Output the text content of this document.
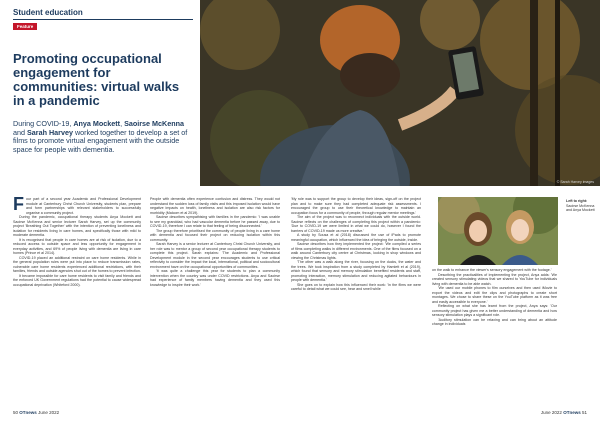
Student education
Feature
Promoting occupational engagement for communities: virtual walks in a pandemic

During COVID-19, Anya Mockett, Saoirse McKenna and Sarah Harvey worked together to develop a set of films to promote virtual engagement with the outside space for people with dementia.

© Sarah Harvey images
F our part of a second year Academic and Professional Development module at Canterbury Christ Church University, students plan, prepare and form partnerships with relevant stakeholders to successfully organise a community project.

During the pandemic, occupational therapy students Anya Mockett and Saoirse McKenna and senior lecturer Sarah Harvey, set up the community project 'Breathing Out Together' with the intention of preventing loneliness and isolation for residents living in care homes, and specifically those with mild to moderate dementia.

It is recognised that people in care homes are at risk of isolation, due to a reduced access to outside space and less opportunity for engagement in everyday activities, and 69% of people living with dementia are living in care homes (Prince et al 2014).

COVID-19 placed an additional restraint on care home residents. While in the general population rules were put into place to reduce transmission rates, vulnerable care home residents experienced additional restrictions, with their families, friends and outside agencies shut out of the homes to prevent infection.

It became impossible for care home residents to visit family and friends and the enforced UK Government regulations had the potential to cause widespread occupational deprivation (Whiteford 2000).

People with dementia often experience confusion and distress. They would not understand the sudden loss of family visits and this imposed isolation would have negative impacts on health, loneliness and isolation are also risk factors for morbidity (Malcom et al 2019).

Saoirse describes sympathising with families in the pandemic: 'I was unable to see my granddad, who had vascular dementia before he passed away, due to COVID-19, therefore I can relate to that feeling of being disconnected.'

The group therefore prioritised the community of people living in a care home with dementia and focused their project on reducing isolation within this community.

Sarah Harvey is a senior lecturer at Canterbury Christ Church University, and her role was to mentor a group of second year occupational therapy students to complete this project. Sarah explains: 'The Academic and Professional Development module in the second year encourages students to use critical reflexivity to consider the impact the local, international, political and sociocultural environment have on the occupational opportunities of communities.

'It was quite a challenge this year for students to plan a community intervention when the country was under COVID restrictions. Anya and Saoirse had experience of family members having dementia and they used this knowledge to inspire their work.'

'My role was to support the group to develop their ideas, sign-off on the project plan and to make sure they had completed adequate risk assessments. I encouraged the group to use their theoretical knowledge to maintain an occupation focus for a community of people, through regular mentor meetings.'

The aim of the project was to reconnect individuals with the outside world. Saoirse reflects on the challenges of completing this project within a pandemic: 'Due to COVID-19 we were limited in what we could do, however I found the barriers of COVID-19 made us more creative.'

A study by Sousa et al (2018) discussed the use of iPads to promote meaningful occupation, which influenced the idea of bringing the outside, inside.

Saoirse describes how they implemented the project: 'We compiled a series of films completing walks in different environments. One of the films focused on a walk around Canterbury city centre at Christmas, looking in shop windows and viewing the Christmas lights.

'The other was a walk along the river, focusing on the ducks, the water and the trees. We took inspiration from a study completed by Hamlett et al (2019), which found that sensory and memory stimulation benefited residents and staff, promoting interaction, memory stimulation and reducing agitated behaviours in people with dementia.'

She goes on to explain how this influenced their work: 'In the films we were careful to detail what we could see, hear and smell while

Left to right:
Saoirse McKenna and Anya Mockett

on the walk to enhance the viewer's sensory engagement with the footage.'

Describing the practicalities of implementing the project, Anya adds: 'We created sensory stimulating videos that we shared to YouTube for individuals living with dementia to be able watch.

'We used our mobile phones to film ourselves and then used iMovie to export the videos and edit the clips and photographs to create short montages. We chose to share these on the YouTube platform as it was free and easily accessible to everyone.'

Reflecting on what she has learnt from the project, Anya says: 'Our community project has given me a better understanding of dementia and how sensory stimulation plays a significant role.

'Auditory stimulation can be relaxing and can bring about an attitude change in individuals

50 OTnews June 2022	June 2022 OTnews 51
